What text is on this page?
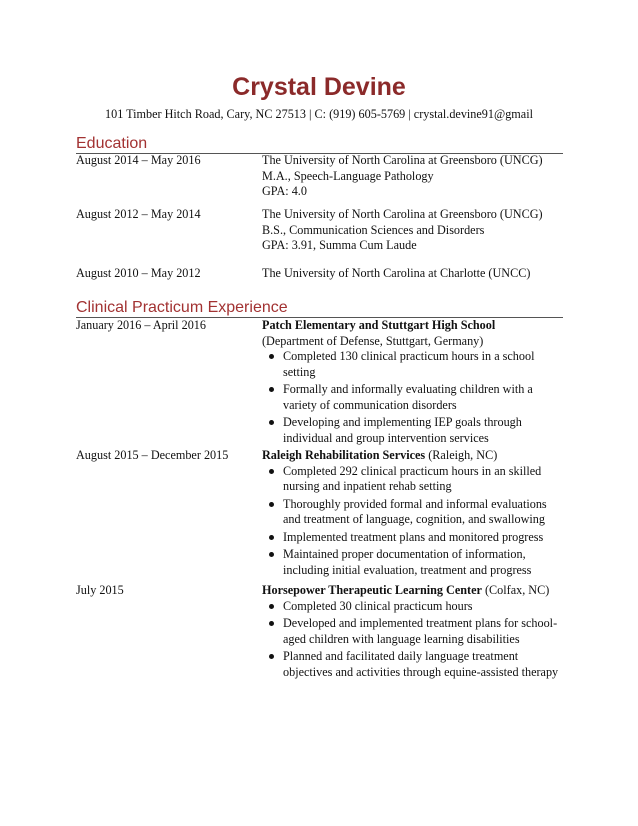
Crystal Devine
101 Timber Hitch Road, Cary, NC 27513 | C: (919) 605-5769 | crystal.devine91@gmail
Education
August 2014 – May 2016	The University of North Carolina at Greensboro (UNCG)
M.A., Speech-Language Pathology
GPA: 4.0
August 2012 – May 2014	The University of North Carolina at Greensboro (UNCG)
B.S., Communication Sciences and Disorders
GPA: 3.91, Summa Cum Laude
August 2010 – May 2012	The University of North Carolina at Charlotte (UNCC)
Clinical Practicum Experience
January 2016 – April 2016	Patch Elementary and Stuttgart High School
(Department of Defense, Stuttgart, Germany)
Completed 130 clinical practicum hours in a school setting
Formally and informally evaluating children with a variety of communication disorders
Developing and implementing IEP goals through individual and group intervention services
August 2015 – December 2015	Raleigh Rehabilitation Services (Raleigh, NC)
Completed 292 clinical practicum hours in an skilled nursing and inpatient rehab setting
Thoroughly provided formal and informal evaluations and treatment of language, cognition, and swallowing
Implemented treatment plans and monitored progress
Maintained proper documentation of information, including initial evaluation, treatment and progress
July 2015	Horsepower Therapeutic Learning Center (Colfax, NC)
Completed 30 clinical practicum hours
Developed and implemented treatment plans for school-aged children with language learning disabilities
Planned and facilitated daily language treatment objectives and activities through equine-assisted therapy
